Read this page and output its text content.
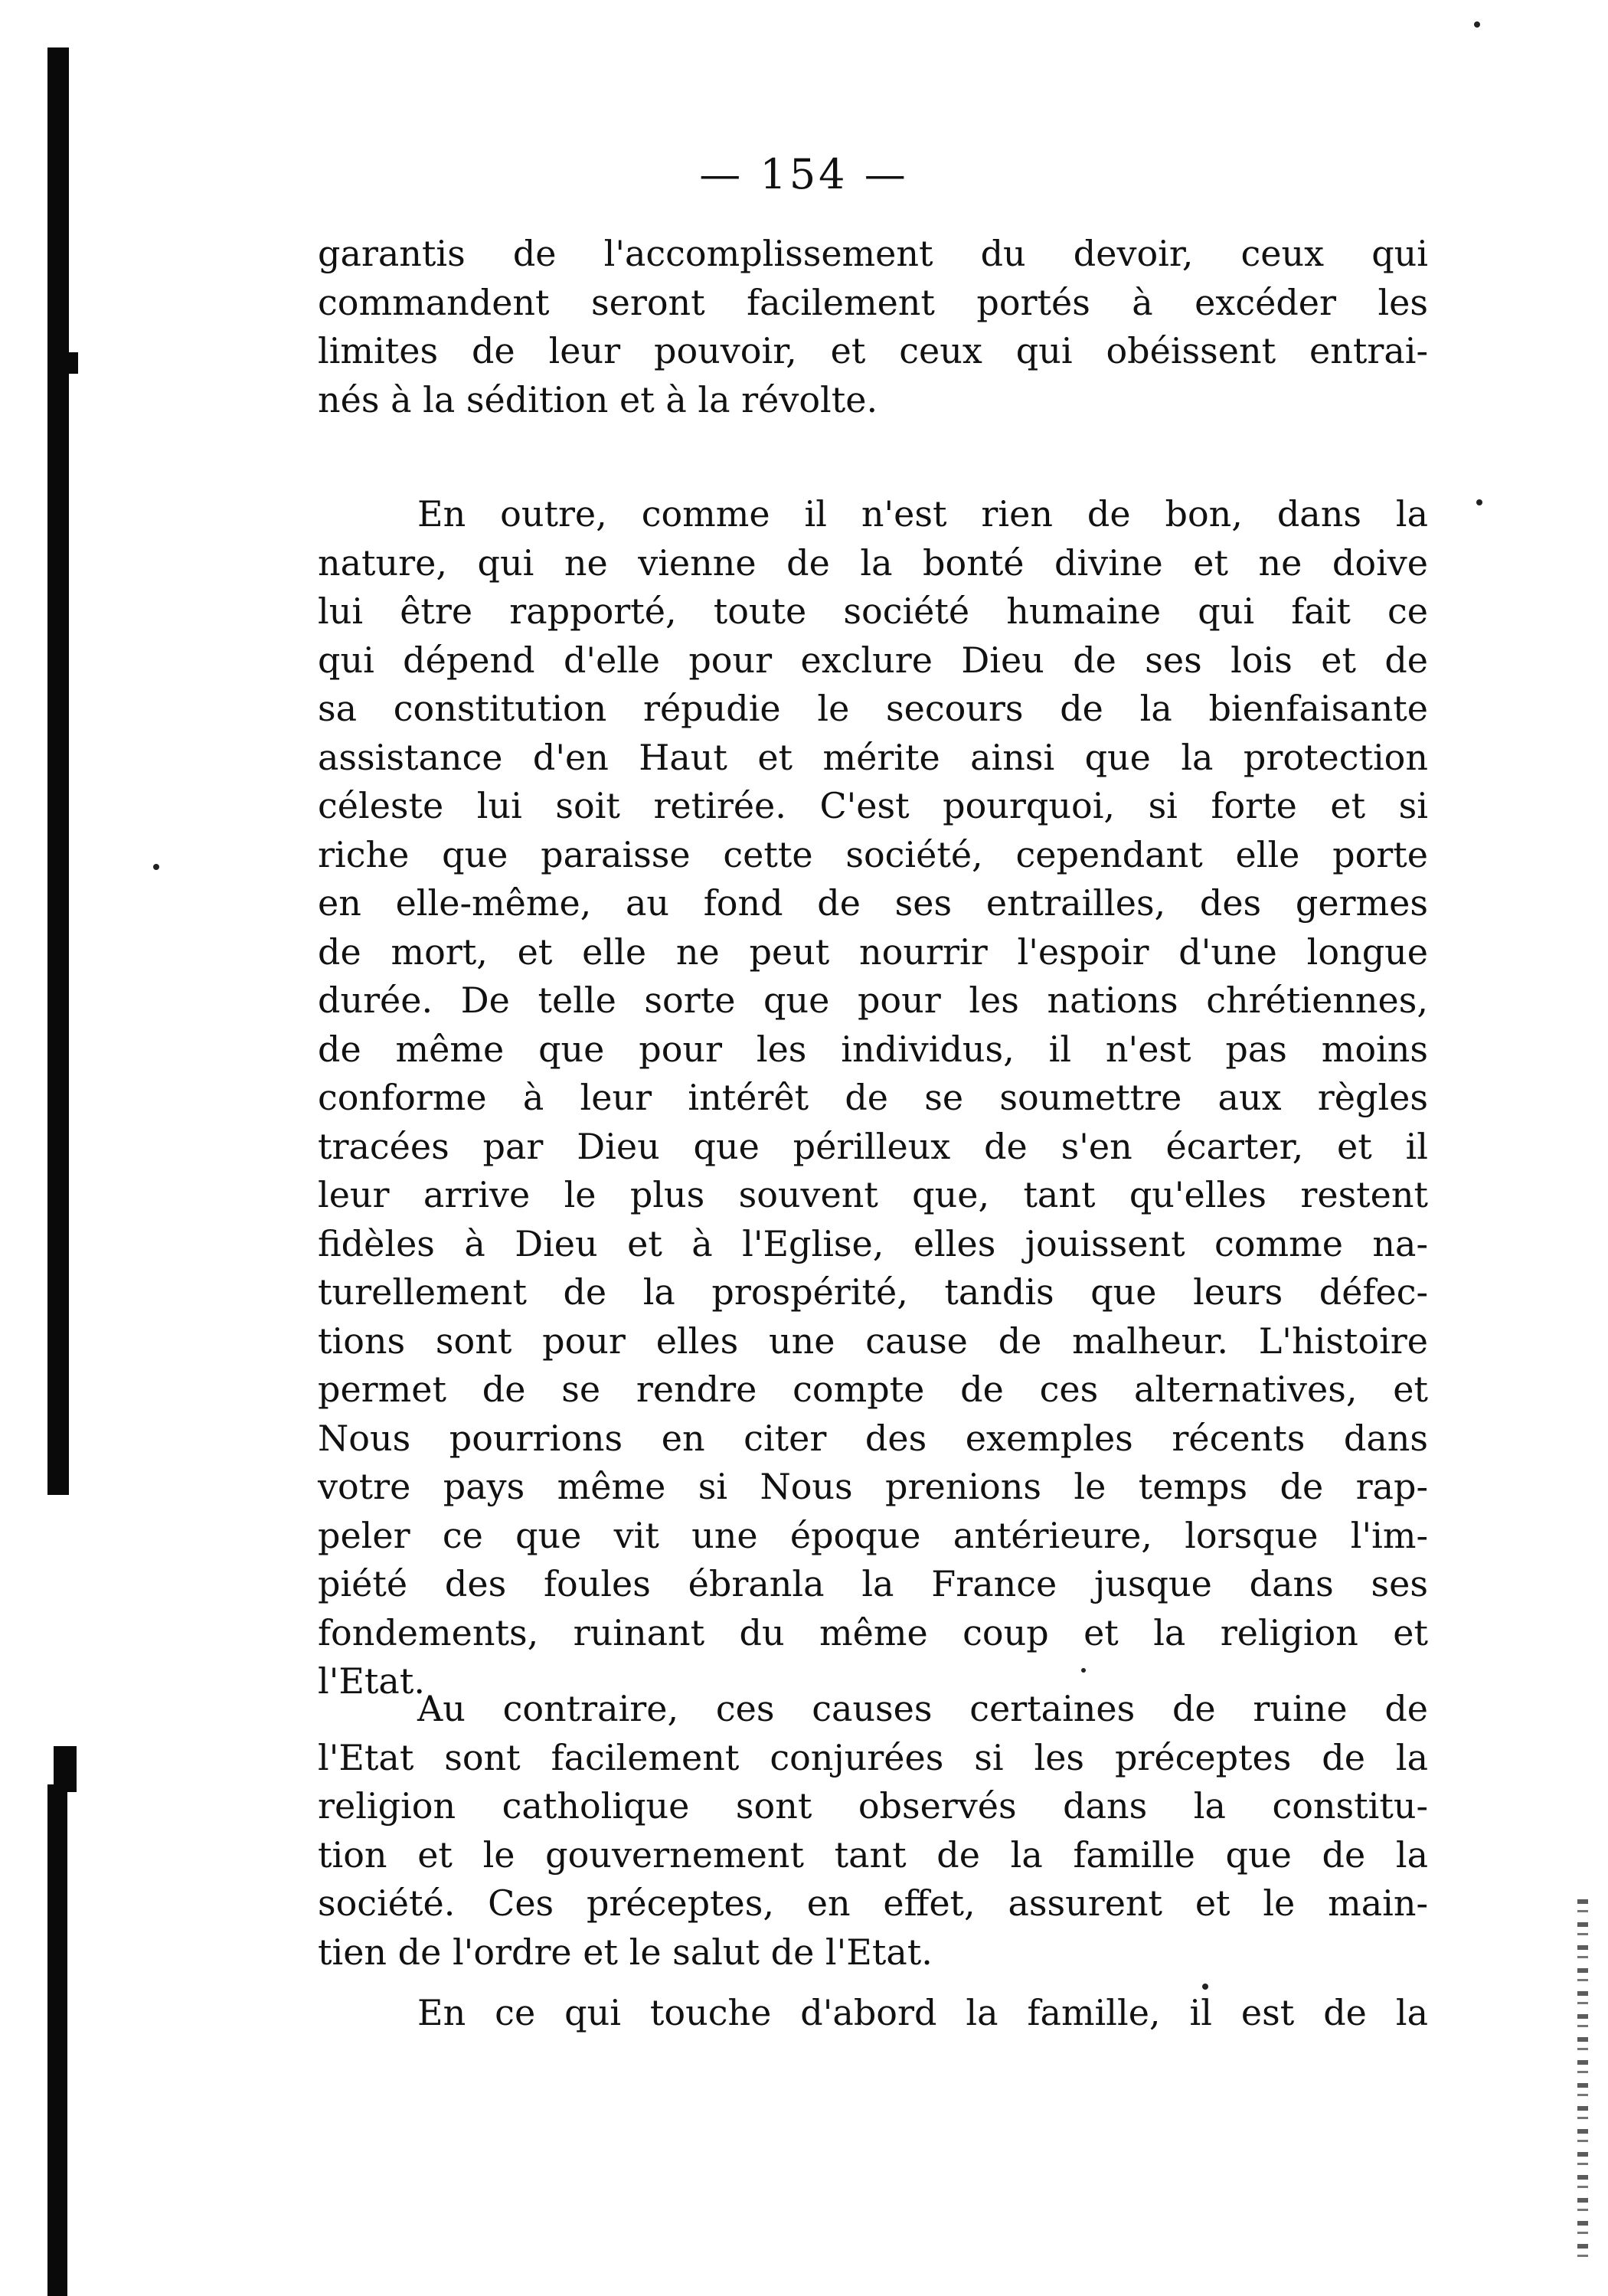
— 154 —
garantis de l'accomplissement du devoir, ceux qui
commandent seront facilement portés à excéder les
limites de leur pouvoir, et ceux qui obéissent entrai-
nés à la sédition et à la révolte.
En outre, comme il n'est rien de bon, dans la
nature, qui ne vienne de la bonté divine et ne doive
lui être rapporté, toute société humaine qui fait ce
qui dépend d'elle pour exclure Dieu de ses lois et de
sa constitution répudie le secours de la bienfaisante
assistance d'en Haut et mérite ainsi que la protection
céleste lui soit retirée. C'est pourquoi, si forte et si
riche que paraisse cette société, cependant elle porte
en elle-même, au fond de ses entrailles, des germes
de mort, et elle ne peut nourrir l'espoir d'une longue
durée. De telle sorte que pour les nations chrétiennes,
de même que pour les individus, il n'est pas moins
conforme à leur intérêt de se soumettre aux règles
tracées par Dieu que périlleux de s'en écarter, et il
leur arrive le plus souvent que, tant qu'elles restent
fidèles à Dieu et à l'Eglise, elles jouissent comme na-
turellement de la prospérité, tandis que leurs défec-
tions sont pour elles une cause de malheur. L'histoire
permet de se rendre compte de ces alternatives, et
Nous pourrions en citer des exemples récents dans
votre pays même si Nous prenions le temps de rap-
peler ce que vit une époque antérieure, lorsque l'im-
piété des foules ébranla la France jusque dans ses
fondements, ruinant du même coup et la religion et
l'Etat.
Au contraire, ces causes certaines de ruine de
l'Etat sont facilement conjurées si les préceptes de la
religion catholique sont observés dans la constitu-
tion et le gouvernement tant de la famille que de la
société. Ces préceptes, en effet, assurent et le main-
tien de l'ordre et le salut de l'Etat.
En ce qui touche d'abord la famille, il est de la
